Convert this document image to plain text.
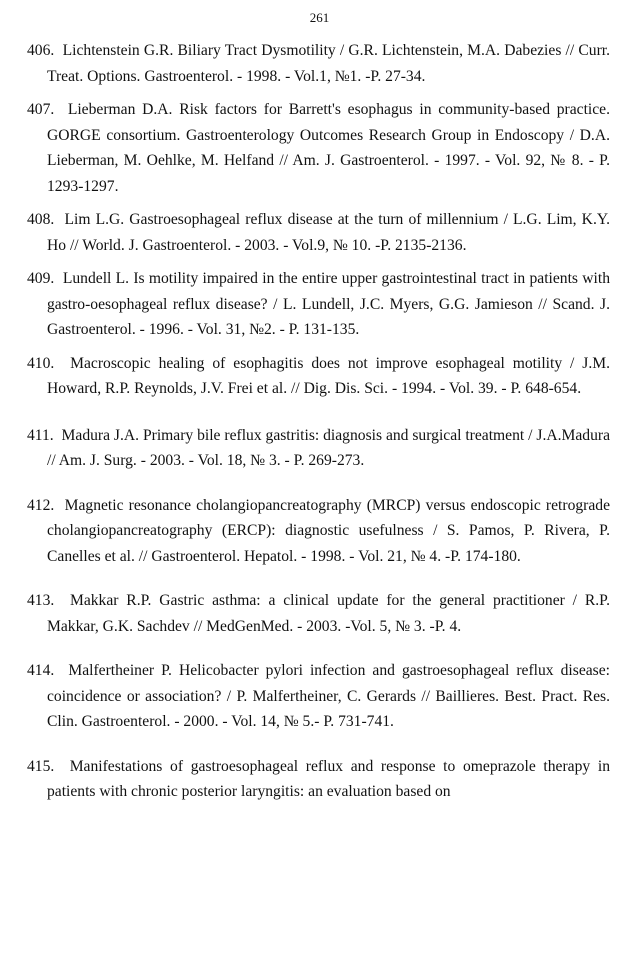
261
406. Lichtenstein G.R. Biliary Tract Dysmotility / G.R. Lichtenstein, M.A. Dabezies // Curr. Treat. Options. Gastroenterol. - 1998. - Vol.1, №1. -P. 27-34.
407. Lieberman D.A. Risk factors for Barrett's esophagus in community-based practice. GORGE consortium. Gastroenterology Outcomes Research Group in Endoscopy / D.A. Lieberman, M. Oehlke, M. Helfand // Am. J. Gastroenterol. - 1997. - Vol. 92, № 8. - P. 1293-1297.
408. Lim L.G. Gastroesophageal reflux disease at the turn of millennium / L.G. Lim, K.Y. Ho // World. J. Gastroenterol. - 2003. - Vol.9, № 10. -P. 2135-2136.
409. Lundell L. Is motility impaired in the entire upper gastrointestinal tract in patients with gastro-oesophageal reflux disease? / L. Lundell, J.C. Myers, G.G. Jamieson // Scand. J. Gastroenterol. - 1996. - Vol. 31, №2. - P. 131-135.
410. Macroscopic healing of esophagitis does not improve esophageal motility / J.M. Howard, R.P. Reynolds, J.V. Frei et al. // Dig. Dis. Sci. - 1994. - Vol. 39. - P. 648-654.
411. Madura J.A. Primary bile reflux gastritis: diagnosis and surgical treatment / J.A.Madura // Am. J. Surg. - 2003. - Vol. 18, № 3. - P. 269-273.
412. Magnetic resonance cholangiopancreatography (MRCP) versus endoscopic retrograde cholangiopancreatography (ERCP): diagnostic usefulness / S. Pamos, P. Rivera, P. Canelles et al. // Gastroenterol. Hepatol. - 1998. - Vol. 21, № 4. -P. 174-180.
413. Makkar R.P. Gastric asthma: a clinical update for the general practitioner / R.P. Makkar, G.K. Sachdev // MedGenMed. - 2003. -Vol. 5, № 3. -P. 4.
414. Malfertheiner P. Helicobacter pylori infection and gastroesophageal reflux disease: coincidence or association? / P. Malfertheiner, C. Gerards // Baillieres. Best. Pract. Res. Clin. Gastroenterol. - 2000. - Vol. 14, № 5.- P. 731-741.
415. Manifestations of gastroesophageal reflux and response to omeprazole therapy in patients with chronic posterior laryngitis: an evaluation based on
